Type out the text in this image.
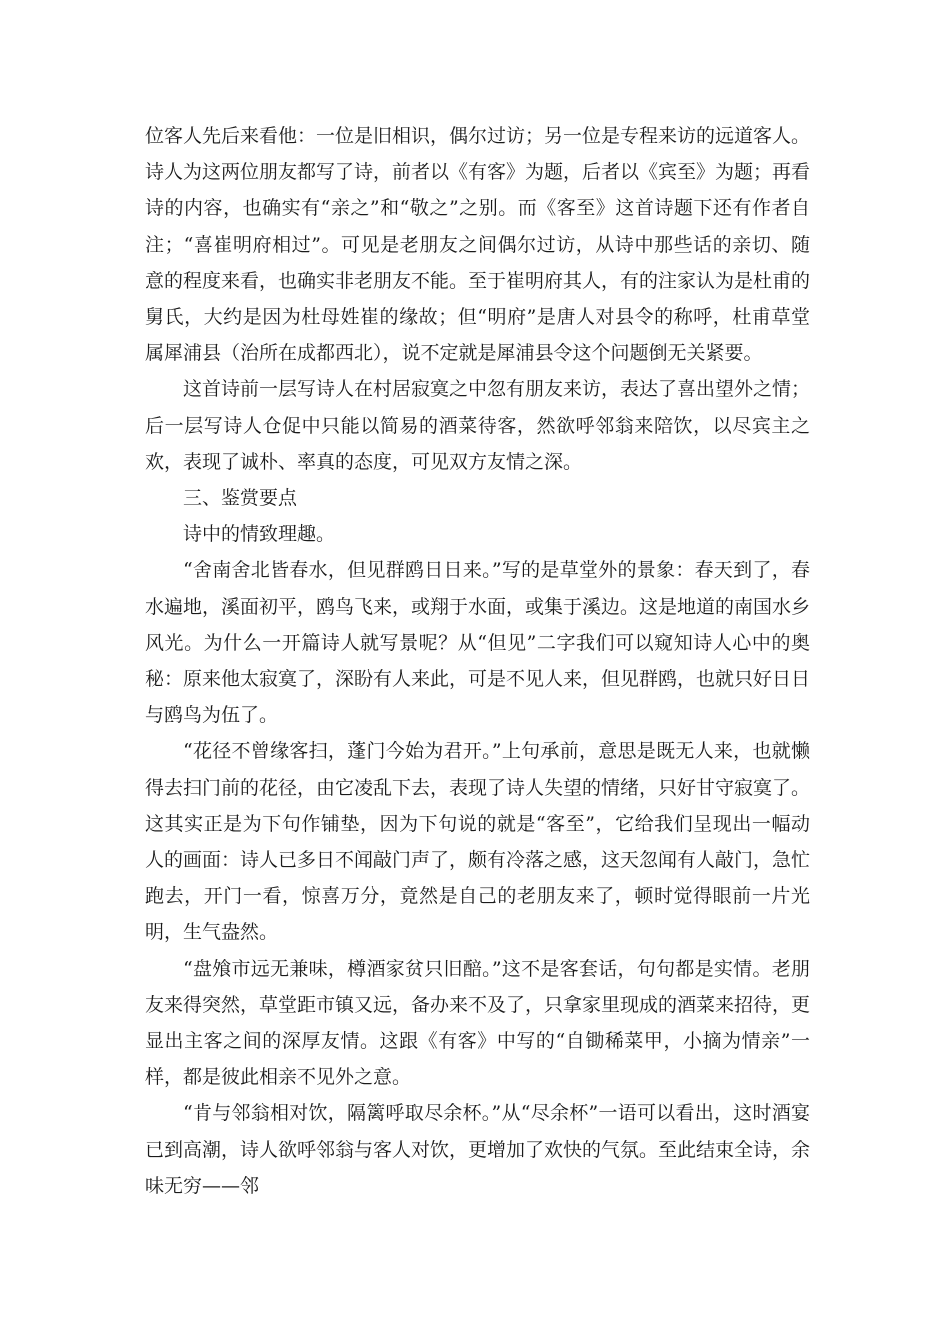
位客人先后来看他：一位是旧相识，偶尔过访；另一位是专程来访的远道客人。诗人为这两位朋友都写了诗，前者以《有客》为题，后者以《宾至》为题；再看诗的内容，也确实有“亲之”和“敬之”之别。而《客至》这首诗题下还有作者自注；“喜崔明府相过”。可见是老朋友之间偶尔过访，从诗中那些话的亲切、随意的程度来看，也确实非老朋友不能。至于崔明府其人，有的注家认为是杜甫的舅氏，大约是因为杜母姓崔的缘故；但“明府”是唐人对县令的称呼，杜甫草堂属犀浦县（治所在成都西北），说不定就是犀浦县令这个问题倒无关紧要。

这首诗前一层写诗人在村居寂寞之中忽有朋友来访，表达了喜出望外之情；后一层写诗人仓促中只能以简易的酒菜待客，然欲呼邻翁来陪饮，以尽宾主之欢，表现了诚朴、率真的态度，可见双方友情之深。

三、鉴赏要点

诗中的情致理趣。

“舍南舍北皆春水，但见群鸥日日来。”写的是草堂外的景象：春天到了，春水遍地，溪面初平，鸥鸟飞来，或翔于水面，或集于溪边。这是地道的南国水乡风光。为什么一开篇诗人就写景呢？从“但见”二字我们可以窥知诗人心中的奥秘：原来他太寂寞了，深盼有人来此，可是不见人来，但见群鸥，也就只好日日与鸥鸟为伍了。

“花径不曾缘客扫，蓬门今始为君开。”上句承前，意思是既无人来，也就懒得去扫门前的花径，由它凌乱下去，表现了诗人失望的情绪，只好甘守寂寞了。这其实正是为下句作铺垫，因为下句说的就是“客至”，它给我们呈现出一幅动人的画面：诗人已多日不闻敲门声了，颇有冷落之感，这天忽闻有人敲门，急忙跑去，开门一看，惊喜万分，竟然是自己的老朋友来了，顿时觉得眼前一片光明，生气盎然。

“盘飧市远无兼味，樽酒家贫只旧醅。”这不是客套话，句句都是实情。老朋友来得突然，草堂距市镇又远，备办来不及了，只拿家里现成的酒菜来招待，更显出主客之间的深厚友情。这跟《有客》中写的“自锄稀菜甲，小摘为情亲”一样，都是彼此相亲不见外之意。

“肯与邻翁相对饮，隔篱呼取尽余杯。”从“尽余杯”一语可以看出，这时酒宴已到高潮，诗人欲呼邻翁与客人对饮，更增加了欢快的气氛。至此结束全诗，余味无穷——邻
